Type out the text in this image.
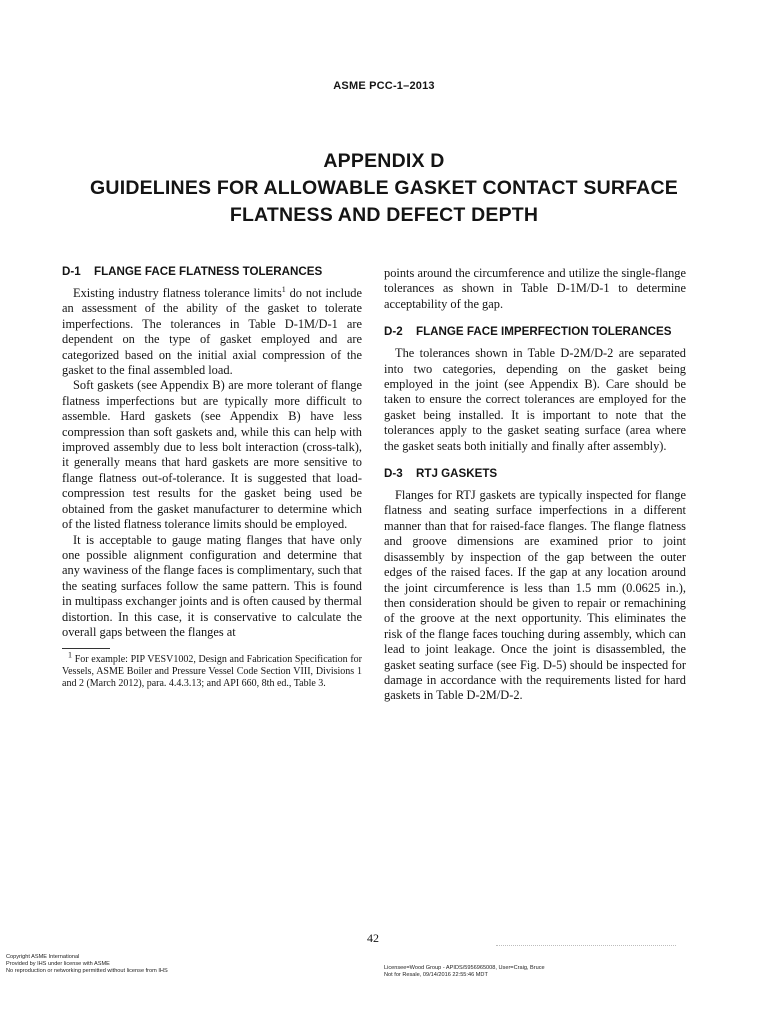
ASME PCC-1–2013
APPENDIX D
GUIDELINES FOR ALLOWABLE GASKET CONTACT SURFACE
FLATNESS AND DEFECT DEPTH
D-1 FLANGE FACE FLATNESS TOLERANCES

Existing industry flatness tolerance limits$^1$ do not include an assessment of the ability of the gasket to tolerate imperfections. The tolerances in Table D-1M/D-1 are dependent on the type of gasket employed and are categorized based on the initial axial compression of the gasket to the final assembled load.

Soft gaskets (see Appendix B) are more tolerant of flange flatness imperfections but are typically more difficult to assemble. Hard gaskets (see Appendix B) have less compression than soft gaskets and, while this can help with improved assembly due to less bolt interaction (cross-talk), it generally means that hard gaskets are more sensitive to flange flatness out-of-tolerance. It is suggested that load-compression test results for the gasket being used be obtained from the gasket manufacturer to determine which of the listed flatness tolerance limits should be employed.

It is acceptable to gauge mating flanges that have only one possible alignment configuration and determine that any waviness of the flange faces is complimentary, such that the seating surfaces follow the same pattern. This is found in multipass exchanger joints and is often caused by thermal distortion. In this case, it is conservative to calculate the overall gaps between the flanges at

$^1$ For example: PIP VESV1002, Design and Fabrication Specification for Vessels, ASME Boiler and Pressure Vessel Code Section VIII, Divisions 1 and 2 (March 2012), para. 4.4.3.13; and API 660, 8th ed., Table 3.

points around the circumference and utilize the single-flange tolerances as shown in Table D-1M/D-1 to determine acceptability of the gap.

D-2 FLANGE FACE IMPERFECTION TOLERANCES

The tolerances shown in Table D-2M/D-2 are separated into two categories, depending on the gasket being employed in the joint (see Appendix B). Care should be taken to ensure the correct tolerances are employed for the gasket being installed. It is important to note that the tolerances apply to the gasket seating surface (area where the gasket seats both initially and finally after assembly).

D-3 RTJ GASKETS

Flanges for RTJ gaskets are typically inspected for flange flatness and seating surface imperfections in a different manner than that for raised-face flanges. The flange flatness and groove dimensions are examined prior to joint disassembly by inspection of the gap between the outer edges of the raised faces. If the gap at any location around the joint circumference is less than 1.5 mm (0.0625 in.), then consideration should be given to repair or remachining of the groove at the next opportunity. This eliminates the risk of the flange faces touching during assembly, which can lead to joint leakage. Once the joint is disassembled, the gasket seating surface (see Fig. D-5) should be inspected for damage in accordance with the requirements listed for hard gaskets in Table D-2M/D-2.

42
Copyright ASME International
Provided by IHS under license with ASME
No reproduction or networking permitted without license from IHS
Licensee=Wood Group - APIDS/5956965008, User=Craig, Bruce
Not for Resale, 09/14/2016 22:55:46 MDT
